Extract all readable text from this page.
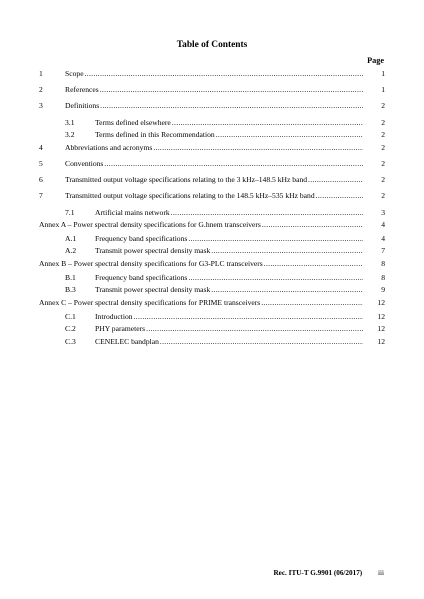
Table of Contents
Page
1	Scope .....	1
2	References .....	1
3	Definitions .....	2
3.1	Terms defined elsewhere .....	2
3.2	Terms defined in this Recommendation .....	2
4	Abbreviations and acronyms .....	2
5	Conventions .....	2
6	Transmitted output voltage specifications relating to the 3 kHz–148.5 kHz band .....	2
7	Transmitted output voltage specifications relating to the 148.5 kHz–535 kHz band .....	2
7.1	Artificial mains network .....	3
Annex A – Power spectral density specifications for G.hnem transceivers .....	4
A.1 Frequency band specifications .....	4
A.2 Transmit power spectral density mask .....	7
Annex B – Power spectral density specifications for G3-PLC transceivers .....	8
B.1	Frequency band specifications .....	8
B.3	Transmit power spectral density mask .....	9
Annex C – Power spectral density specifications for PRIME transceivers .....	12
C.1	Introduction .....	12
C.2	PHY parameters .....	12
C.3	CENELEC bandplan .....	12
Rec. ITU-T G.9901 (06/2017) iii
